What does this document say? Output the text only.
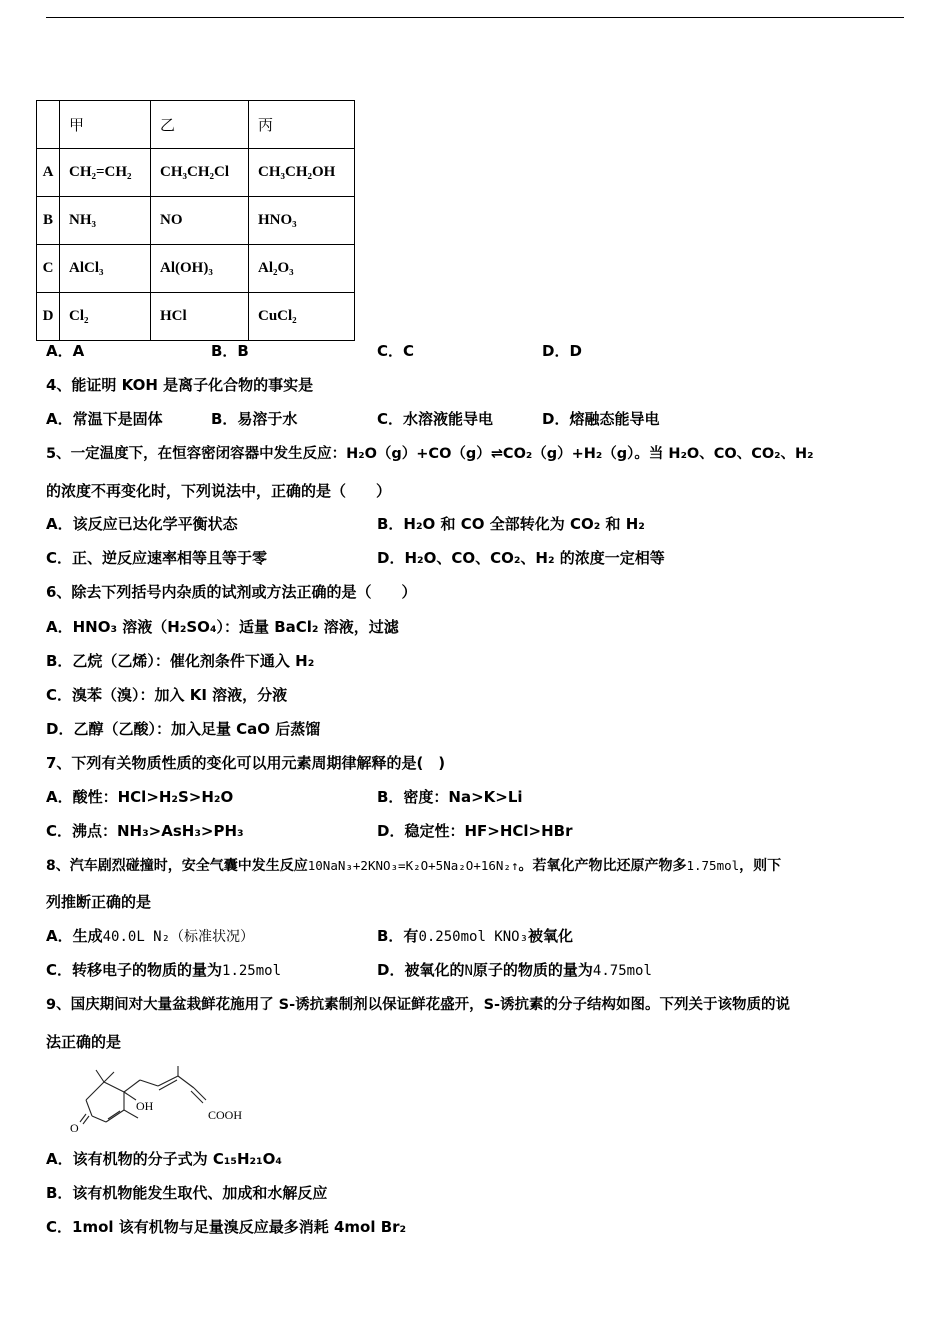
	甲	乙	丙
A	CH₂=CH₂	CH₃CH₂Cl	CH₃CH₂OH
B	NH₃	NO	HNO₃
C	AlCl₃	Al(OH)₃	Al₂O₃
D	Cl₂	HCl	CuCl₂
A．A	B．B	C．C	D．D
4、能证明 KOH 是离子化合物的事实是
A．常温下是固体	B．易溶于水	C．水溶液能导电	D．熔融态能导电
5、一定温度下，在恒容密闭容器中发生反应：H₂O（g）+CO（g）⇌CO₂（g）+H₂（g）。当 H₂O、CO、CO₂、H₂
的浓度不再变化时，下列说法中，正确的是（　　）
A．该反应已达化学平衡状态	B．H₂O 和 CO 全部转化为 CO₂ 和 H₂
C．正、逆反应速率相等且等于零	D．H₂O、CO、CO₂、H₂ 的浓度一定相等
6、除去下列括号内杂质的试剂或方法正确的是（　　）
A．HNO₃ 溶液（H₂SO₄）：适量 BaCl₂ 溶液，过滤
B．乙烷（乙烯）：催化剂条件下通入 H₂
C．溴苯（溴）：加入 KI 溶液，分液
D．乙醇（乙酸）：加入足量 CaO 后蒸馏
7、下列有关物质性质的变化可以用元素周期律解释的是(　)
A．酸性：HCl>H₂S>H₂O	B．密度：Na>K>Li
C．沸点：NH₃>AsH₃>PH₃	D．稳定性：HF>HCl>HBr
8、汽车剧烈碰撞时，安全气囊中发生反应10NaN₃+2KNO₃=K₂O+5Na₂O+16N₂↑。若氧化产物比还原产物多1.75mol，则下
列推断正确的是
A．生成40.0L N₂（标准状况）	B．有0.250mol KNO₃被氧化
C．转移电子的物质的量为1.25mol	D．被氧化的N原子的物质的量为4.75mol
9、国庆期间对大量盆栽鲜花施用了 S-诱抗素制剂以保证鲜花盛开，S-诱抗素的分子结构如图。下列关于该物质的说
法正确的是
O
OH
COOH
A．该有机物的分子式为 C₁₅H₂₁O₄
B．该有机物能发生取代、加成和水解反应
C．1mol 该有机物与足量溴反应最多消耗 4mol Br₂
